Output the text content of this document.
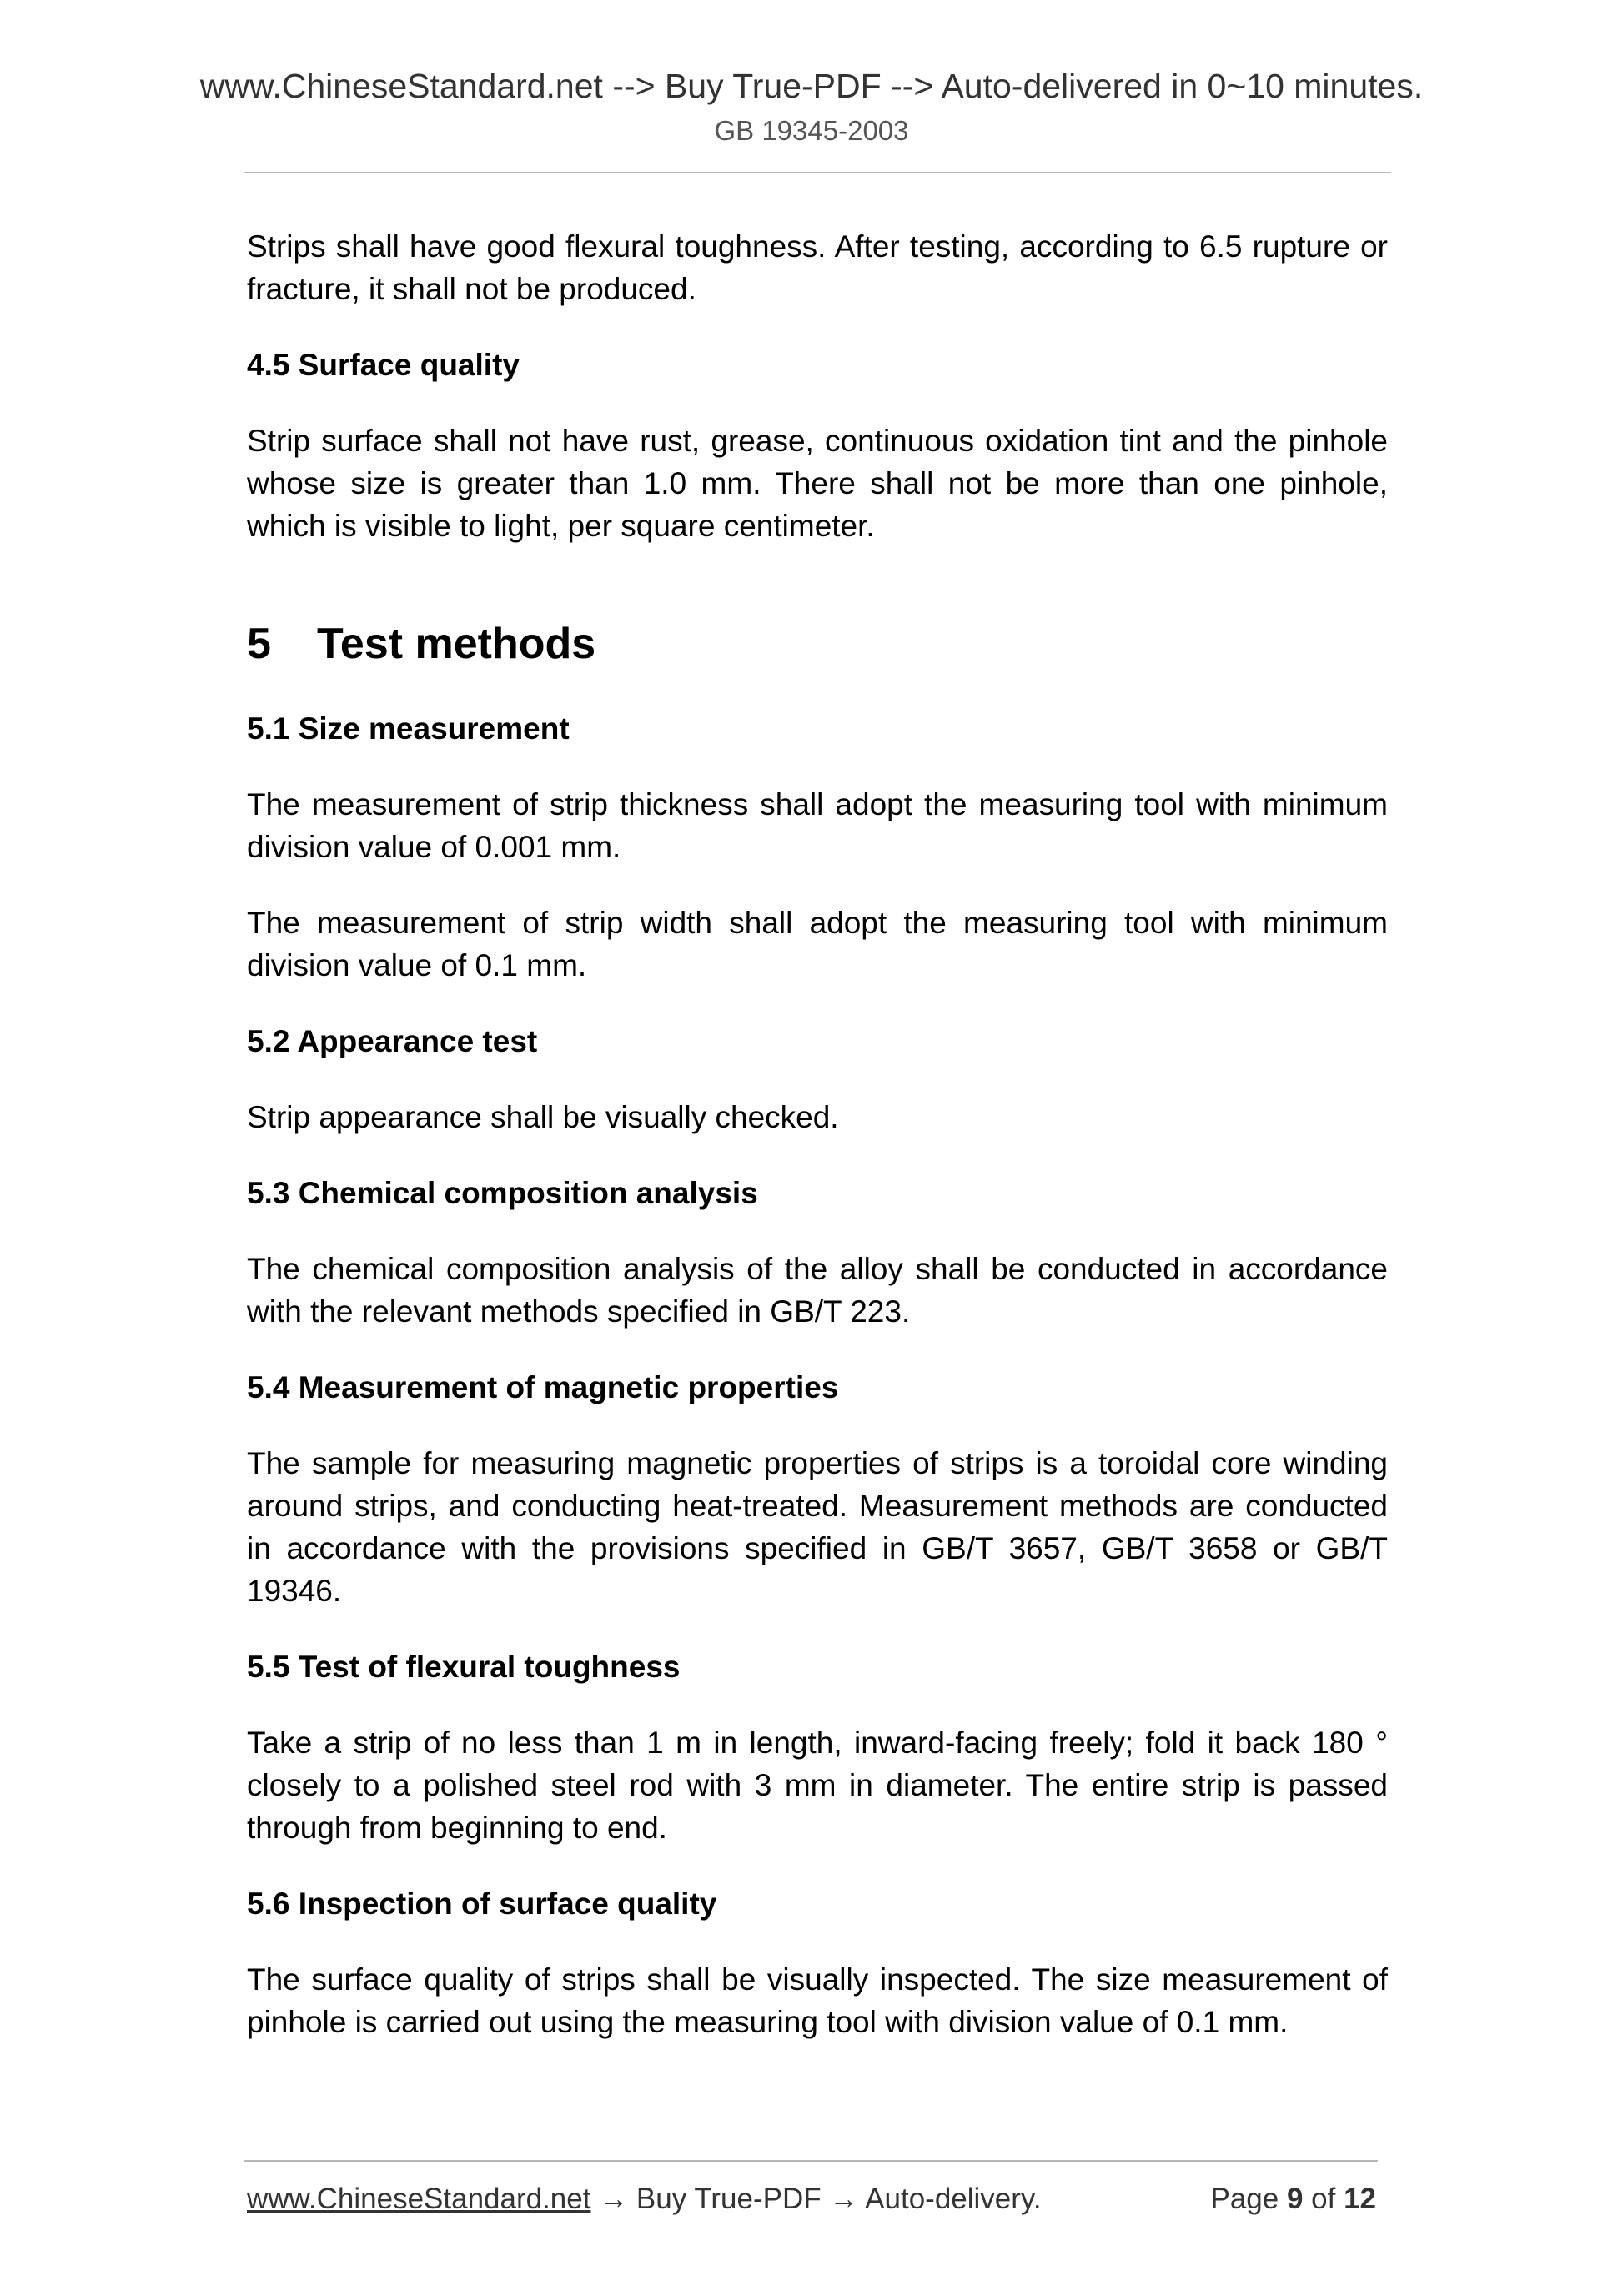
www.ChineseStandard.net --> Buy True-PDF --> Auto-delivered in 0~10 minutes.
GB 19345-2003

Strips shall have good flexural toughness. After testing, according to 6.5 rupture or fracture, it shall not be produced.

4.5 Surface quality

Strip surface shall not have rust, grease, continuous oxidation tint and the pinhole whose size is greater than 1.0 mm. There shall not be more than one pinhole, which is visible to light, per square centimeter.

5 Test methods
5.1 Size measurement

The measurement of strip thickness shall adopt the measuring tool with minimum division value of 0.001 mm.

The measurement of strip width shall adopt the measuring tool with minimum division value of 0.1 mm.

5.2 Appearance test

Strip appearance shall be visually checked.

5.3 Chemical composition analysis

The chemical composition analysis of the alloy shall be conducted in accordance with the relevant methods specified in GB/T 223.

5.4 Measurement of magnetic properties

The sample for measuring magnetic properties of strips is a toroidal core winding around strips, and conducting heat-treated. Measurement methods are conducted in accordance with the provisions specified in GB/T 3657, GB/T 3658 or GB/T 19346.

5.5 Test of flexural toughness

Take a strip of no less than 1 m in length, inward-facing freely; fold it back 180 ° closely to a polished steel rod with 3 mm in diameter. The entire strip is passed through from beginning to end.

5.6 Inspection of surface quality

The surface quality of strips shall be visually inspected. The size measurement of pinhole is carried out using the measuring tool with division value of 0.1 mm.

www.ChineseStandard.net → Buy True-PDF → Auto-delivery.	Page 9 of 12
